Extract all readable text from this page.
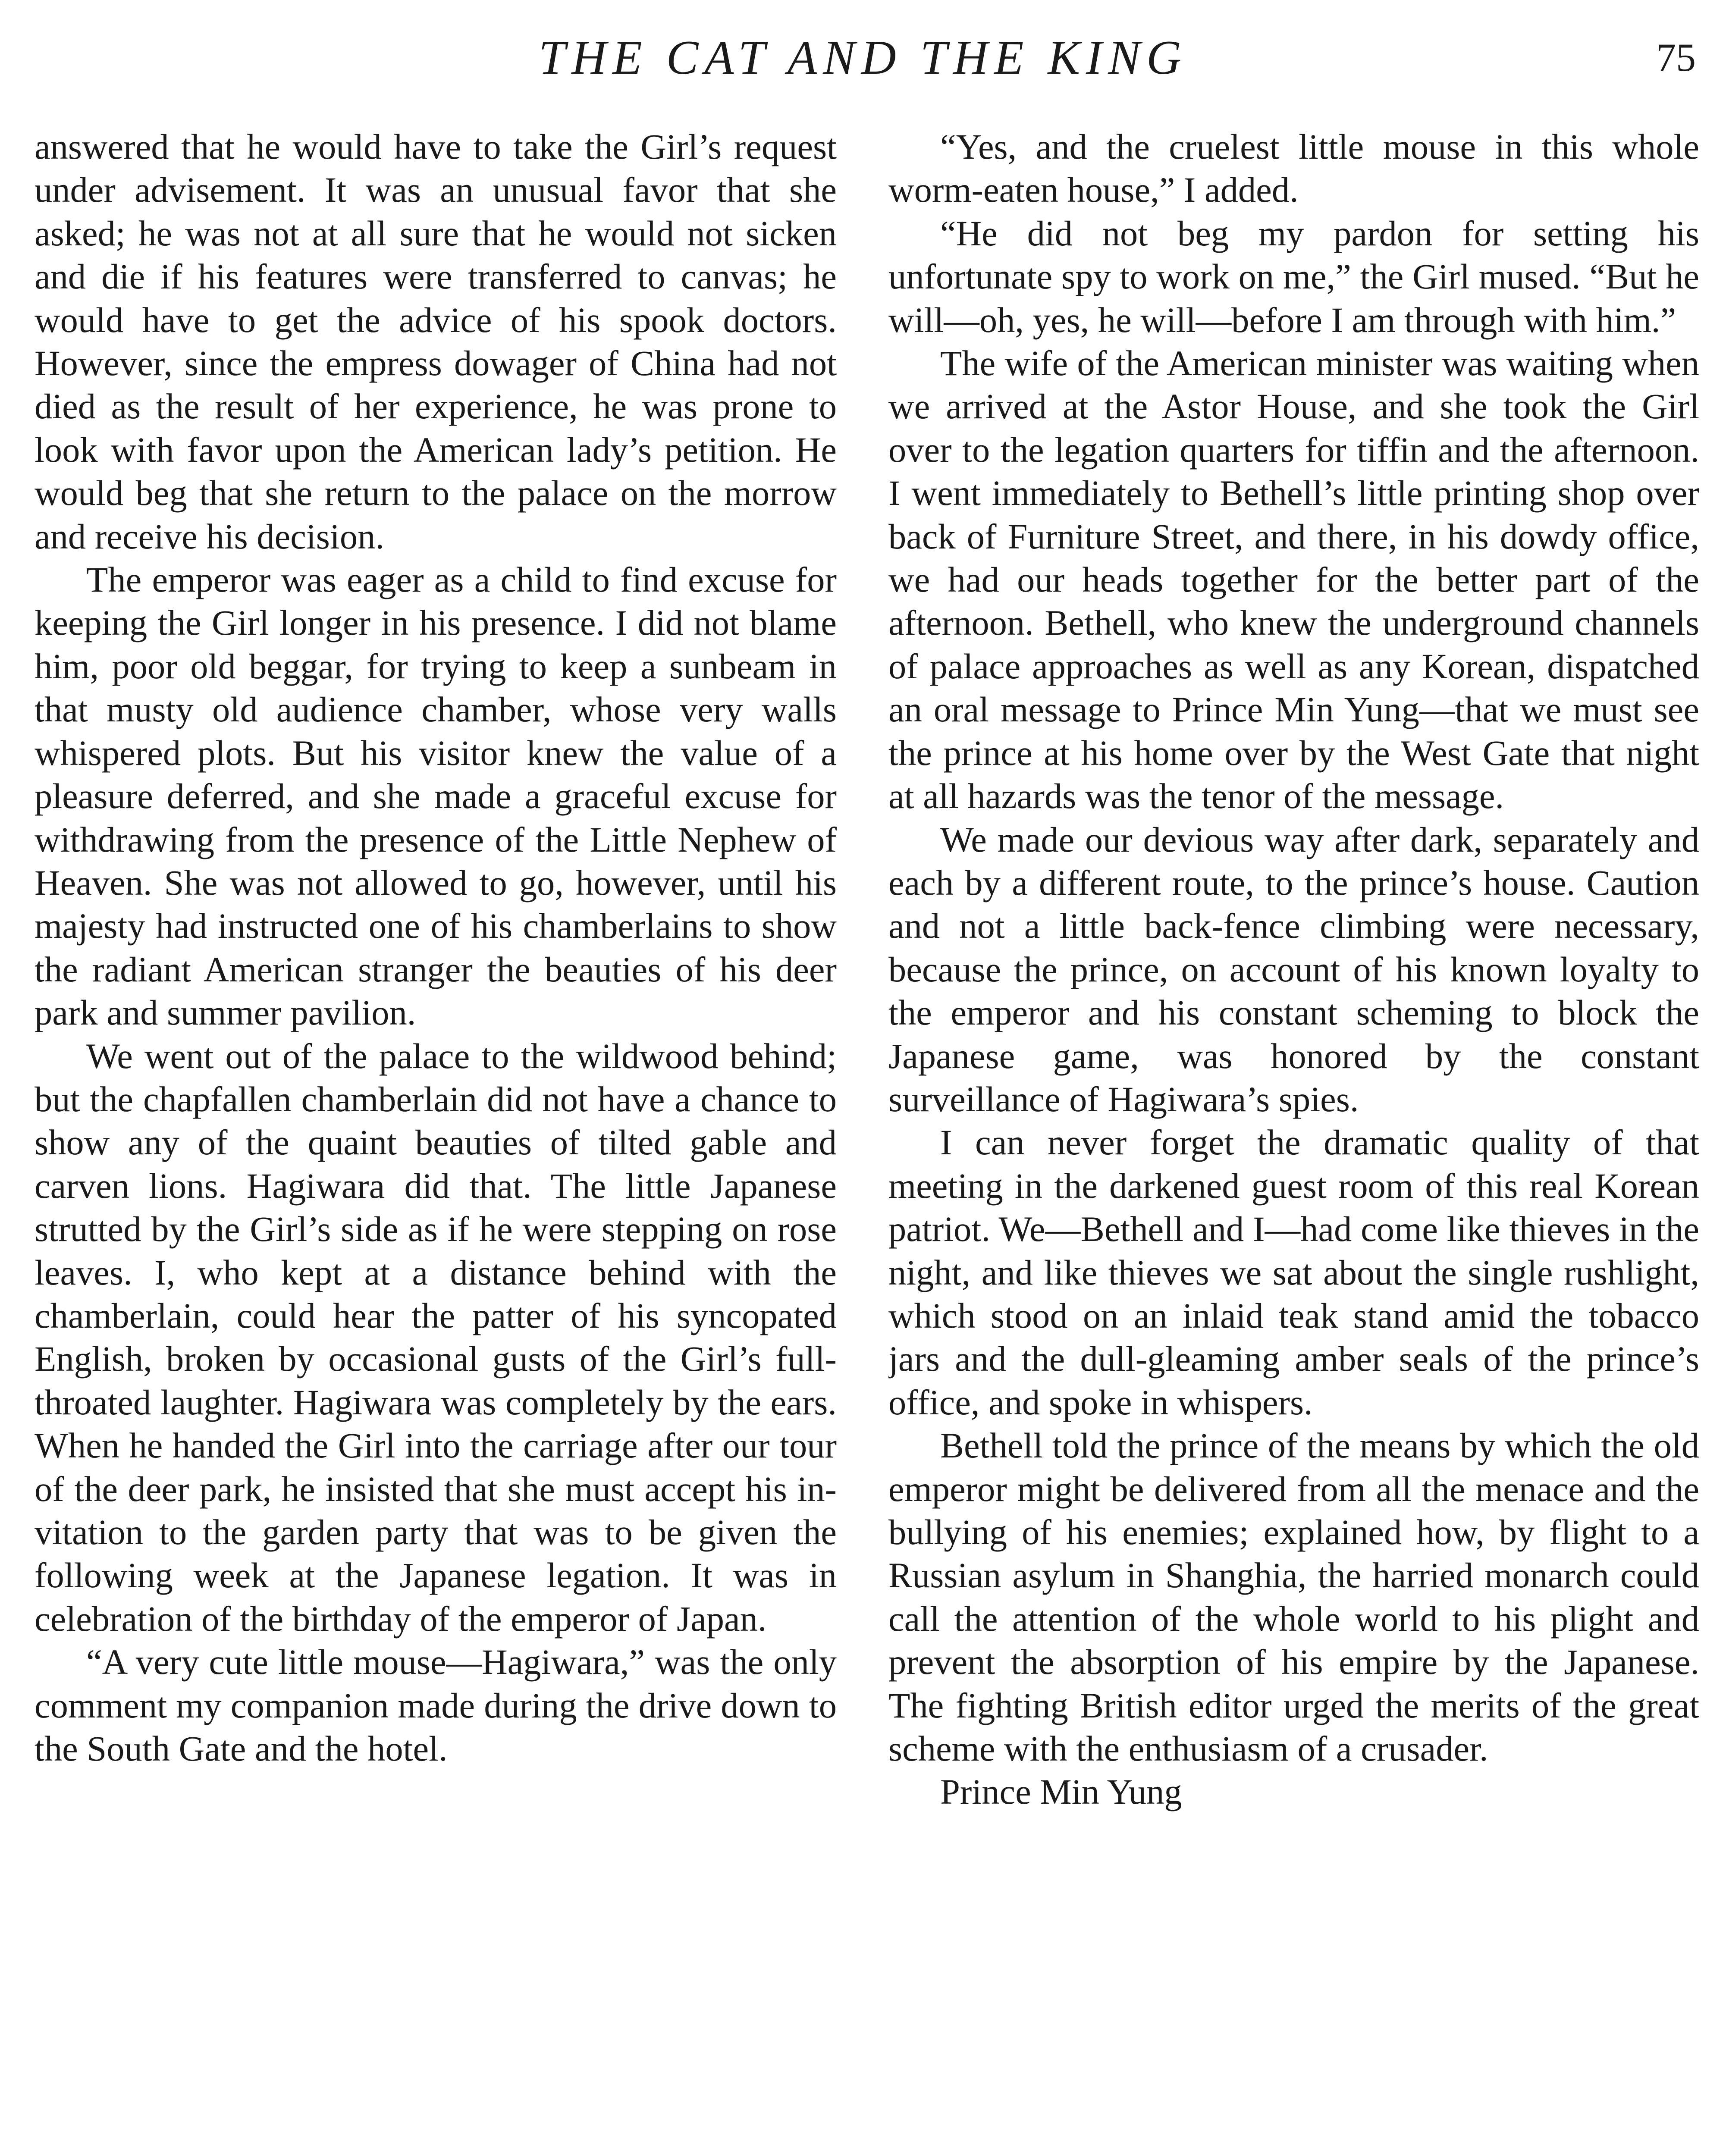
THE CAT AND THE KING	75

answered that he would have to take the Girl’s request under advisement. It was an unusual favor that she asked; he was not at all sure that he would not sicken and die if his features were transferred to canvas; he would have to get the advice of his spook doctors. However, since the empress dowager of China had not died as the result of her experience, he was prone to look with favor upon the American lady’s petition. He would beg that she return to the palace on the morrow and receive his decision.

The emperor was eager as a child to find excuse for keeping the Girl longer in his presence. I did not blame him, poor old beggar, for trying to keep a sunbeam in that musty old audience chamber, whose very walls whispered plots. But his visitor knew the value of a pleasure deferred, and she made a graceful excuse for withdrawing from the presence of the Little Nephew of Heaven. She was not allowed to go, however, until his majesty had instructed one of his chamberlains to show the radiant American stranger the beauties of his deer park and summer pavilion.

We went out of the palace to the wildwood behind; but the chapfallen chamberlain did not have a chance to show any of the quaint beauties of tilted gable and carven lions. Hagiwara did that. The little Japanese strutted by the Girl’s side as if he were stepping on rose leaves. I, who kept at a distance behind with the chamberlain, could hear the patter of his syncopated English, broken by occasional gusts of the Girl’s full-throated laughter. Hagiwara was completely by the ears. When he handed the Girl into the carriage after our tour of the deer park, he insisted that she must accept his invitation to the garden party that was to be given the following week at the Japanese legation. It was in celebration of the birthday of the emperor of Japan.

“A very cute little mouse—Hagiwara,” was the only comment my companion made during the drive down to the South Gate and the hotel.

“Yes, and the cruelest little mouse in this whole worm-eaten house,” I added.

“He did not beg my pardon for setting his unfortunate spy to work on me,” the Girl mused. “But he will—oh, yes, he will—before I am through with him.”

The wife of the American minister was waiting when we arrived at the Astor House, and she took the Girl over to the legation quarters for tiffin and the afternoon. I went immediately to Bethell’s little printing shop over back of Furniture Street, and there, in his dowdy office, we had our heads together for the better part of the afternoon. Bethell, who knew the underground channels of palace approaches as well as any Korean, dispatched an oral message to Prince Min Yung—that we must see the prince at his home over by the West Gate that night at all hazards was the tenor of the message.

We made our devious way after dark, separately and each by a different route, to the prince’s house. Caution and not a little back-fence climbing were necessary, because the prince, on account of his known loyalty to the emperor and his constant scheming to block the Japanese game, was honored by the constant surveillance of Hagiwara’s spies.

I can never forget the dramatic quality of that meeting in the darkened guest room of this real Korean patriot. We—Bethell and I—had come like thieves in the night, and like thieves we sat about the single rushlight, which stood on an inlaid teak stand amid the tobacco jars and the dull-gleaming amber seals of the prince’s office, and spoke in whispers.

Bethell told the prince of the means by which the old emperor might be delivered from all the menace and the bullying of his enemies; explained how, by flight to a Russian asylum in Shanghia, the harried monarch could call the attention of the whole world to his plight and prevent the absorption of his empire by the Japanese. The fighting British editor urged the merits of the great scheme with the enthusiasm of a crusader.

Prince Min Yung
